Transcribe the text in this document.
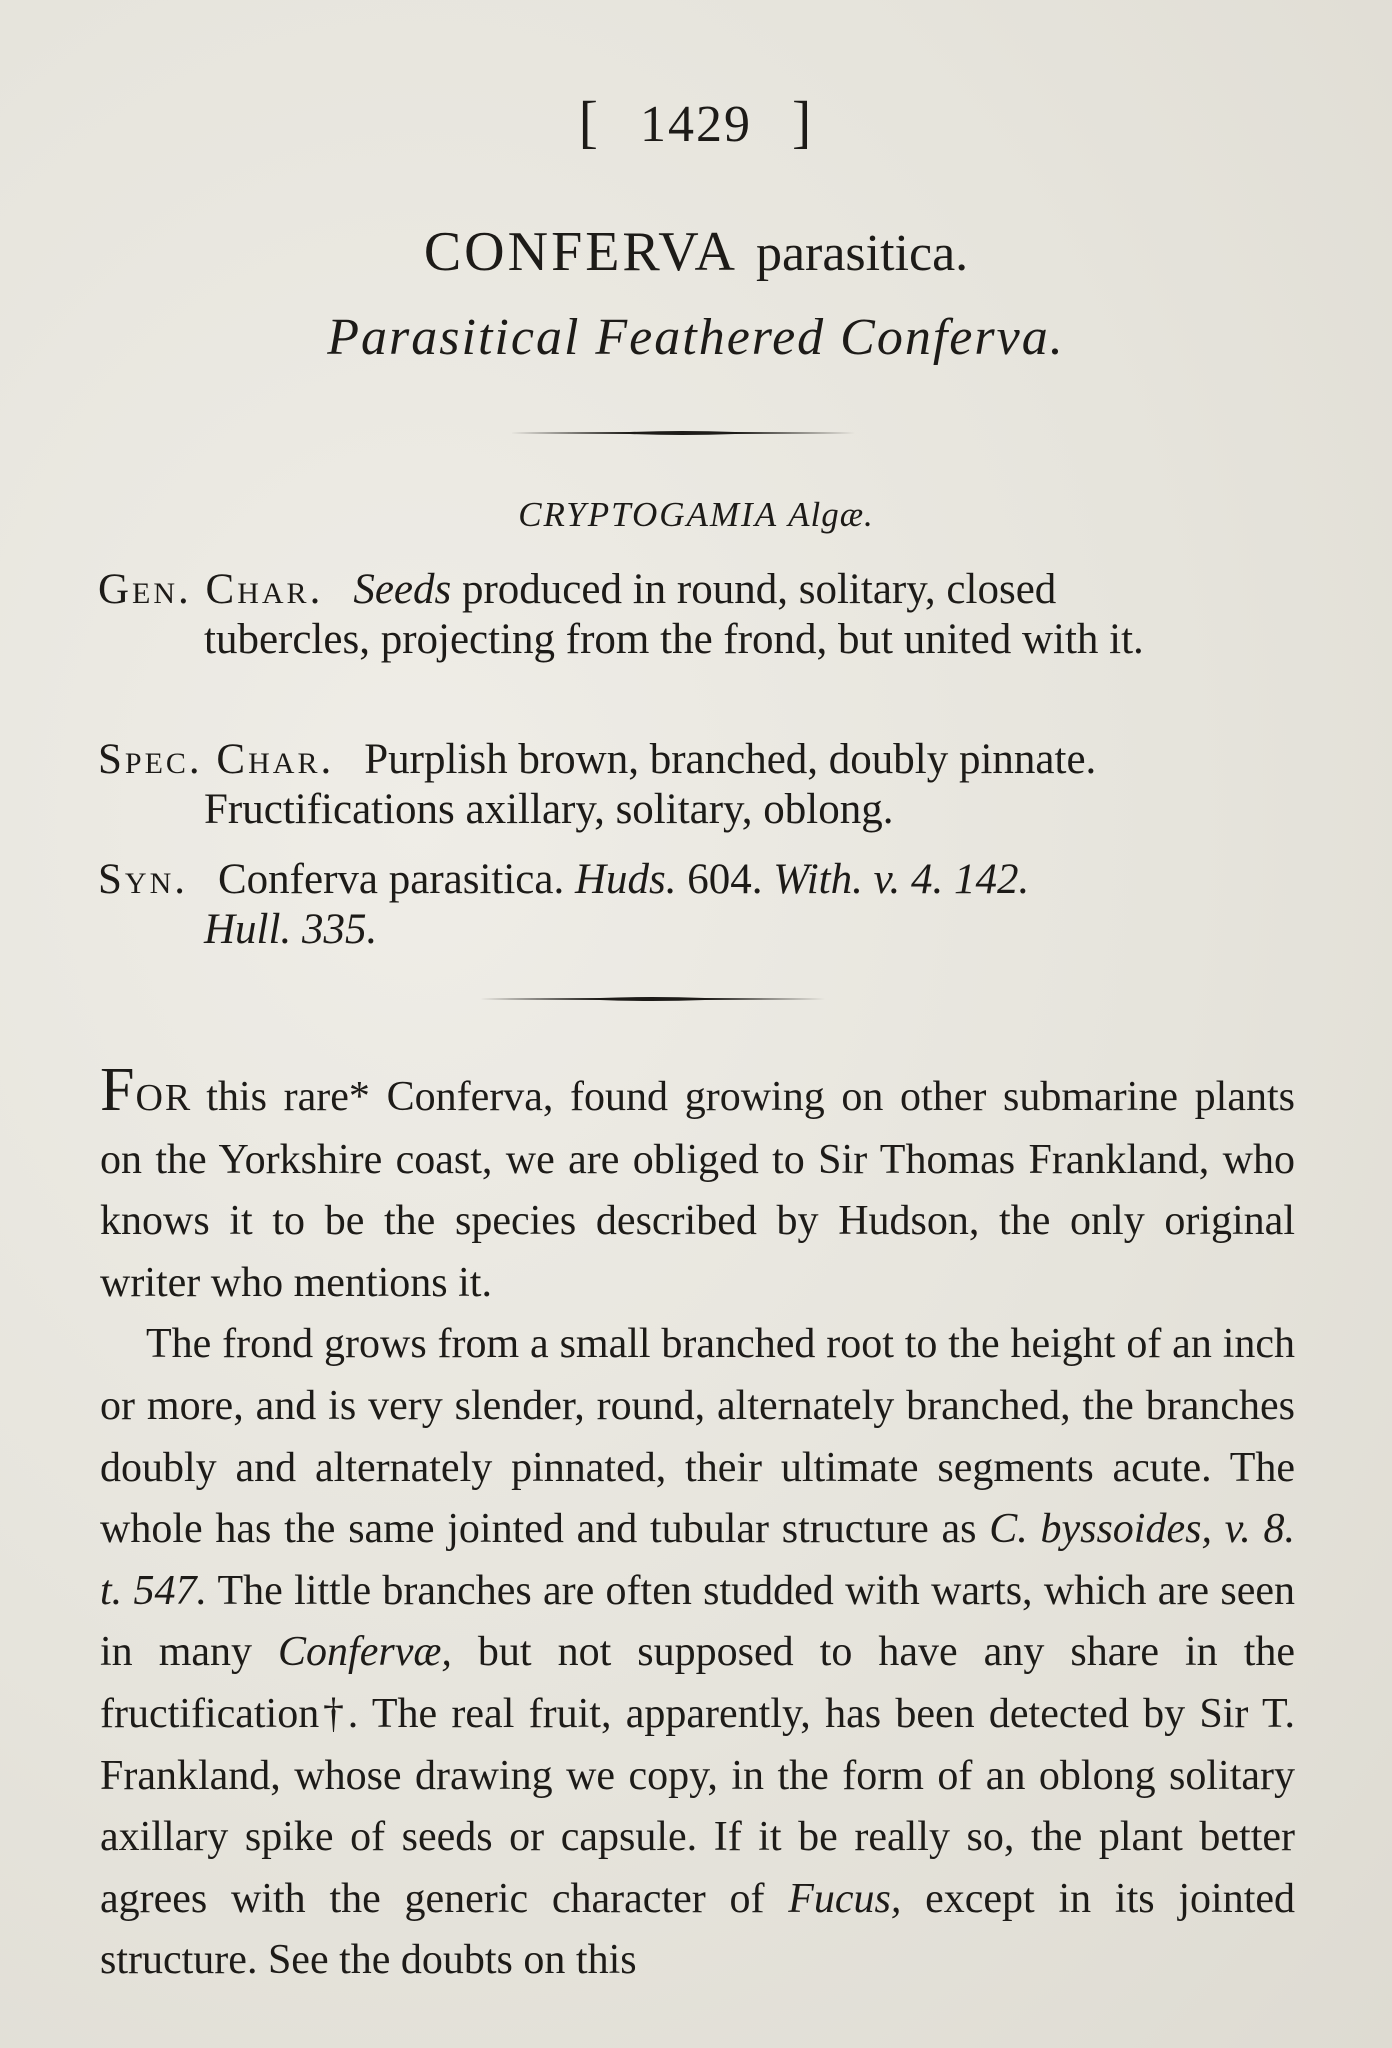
[ 1429 ]
CONFERVA parasitica.
Parasitical Feathered Conferva.
CRYPTOGAMIA Algæ.
Gen. Char. Seeds produced in round, solitary, closed
tubercles, projecting from the frond, but united with it.
Spec. Char. Purplish brown, branched, doubly pinnate.
Fructifications axillary, solitary, oblong.
Syn. Conferva parasitica. Huds. 604. With. v. 4. 142.
Hull. 335.

FOR this rare* Conferva, found growing on other submarine plants on the Yorkshire coast, we are obliged to Sir Thomas Frankland, who knows it to be the species described by Hudson, the only original writer who mentions it.

The frond grows from a small branched root to the height of an inch or more, and is very slender, round, alternately branched, the branches doubly and alternately pinnated, their ultimate segments acute. The whole has the same jointed and tubular structure as C. byssoides, v. 8. t. 547. The little branches are often studded with warts, which are seen in many Confervæ, but not supposed to have any share in the fructification†. The real fruit, apparently, has been detected by Sir T. Frankland, whose drawing we copy, in the form of an oblong solitary axillary spike of seeds or capsule. If it be really so, the plant better agrees with the generic character of Fucus, except in its jointed structure. See the doubts on this
